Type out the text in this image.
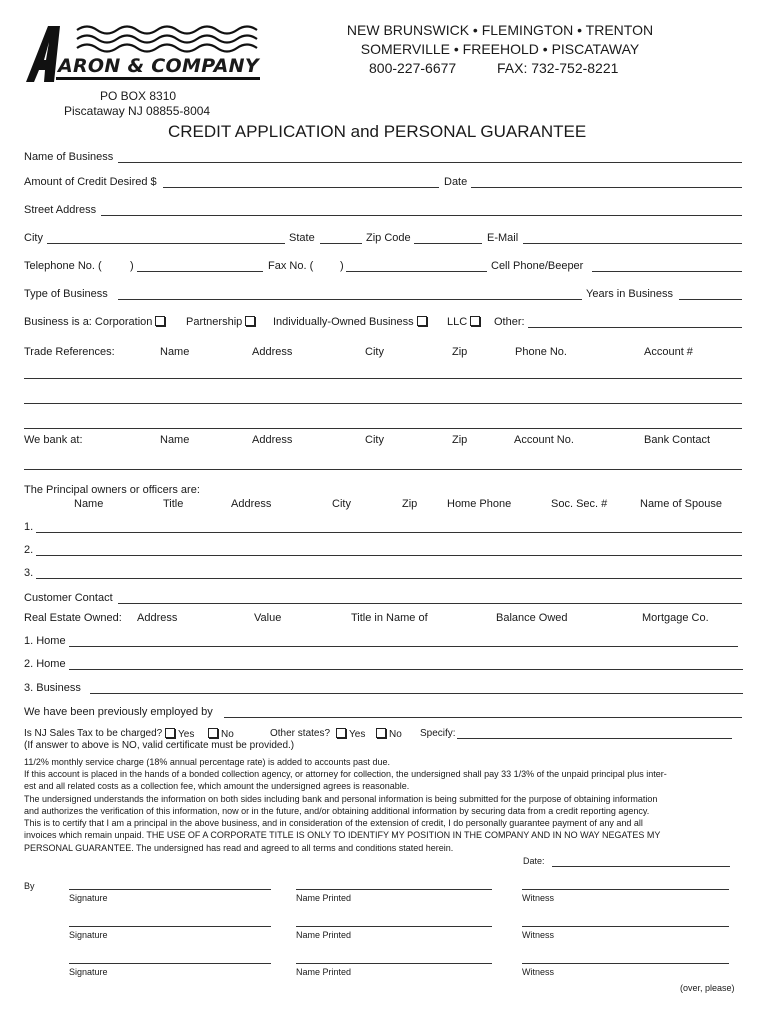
ARON & COMPANY
NEW BRUNSWICK • FLEMINGTON • TRENTON
SOMERVILLE • FREEHOLD • PISCATAWAY
800-227-6677	FAX: 732-752-8221
PO BOX 8310
Piscataway NJ 08855-8004
CREDIT APPLICATION and PERSONAL GUARANTEE
Name of Business
Amount of Credit Desired $	Date
Street Address
City	State	Zip Code	E-Mail
Telephone No. (	)	Fax No. ( )	Cell Phone/Beeper
Type of Business	Years in Business
Business is a: Corporation	Partnership	Individually-Owned Business	LLC	Other:
Trade References:	Name	Address	City	Zip	Phone No.	Account #
We bank at:	Name	Address	City	Zip	Account No.	Bank Contact
The Principal owners or officers are:
Name	Title	Address	City	Zip	Home Phone	Soc. Sec. #	Name of Spouse
1.
2.
3.
Customer Contact
Real Estate Owned: Address	Value	Title in Name of	Balance Owed	Mortgage Co.
1. Home
2. Home
3. Business
We have been previously employed by
Is NJ Sales Tax to be charged?	Yes	No	Other states?	Yes	No Specify:
(If answer to above is NO, valid certificate must be provided.)
11/2% monthly service charge (18% annual percentage rate) is added to accounts past due.
If this account is placed in the hands of a bonded collection agency, or attorney for collection, the undersigned shall pay 33 1/3% of the unpaid principal plus inter-
est and all related costs as a collection fee, which amount the undersigned agrees is reasonable.
The undersigned understands the information on both sides including bank and personal information is being submitted for the purpose of obtaining information
and authorizes the verification of this information, now or in the future, and/or obtaining additional information by securing data from a credit reporting agency.
This is to certify that I am a principal in the above business, and in consideration of the extension of credit, I do personally guarantee payment of any and all
invoices which remain unpaid. THE USE OF A CORPORATE TITLE IS ONLY TO IDENTIFY MY POSITION IN THE COMPANY AND IN NO WAY NEGATES MY
PERSONAL GUARANTEE. The undersigned has read and agreed to all terms and conditions stated herein.
Date:
By
Signature	Name Printed	Witness
Signature	Name Printed	Witness
Signature	Name Printed	Witness
(over, please)
